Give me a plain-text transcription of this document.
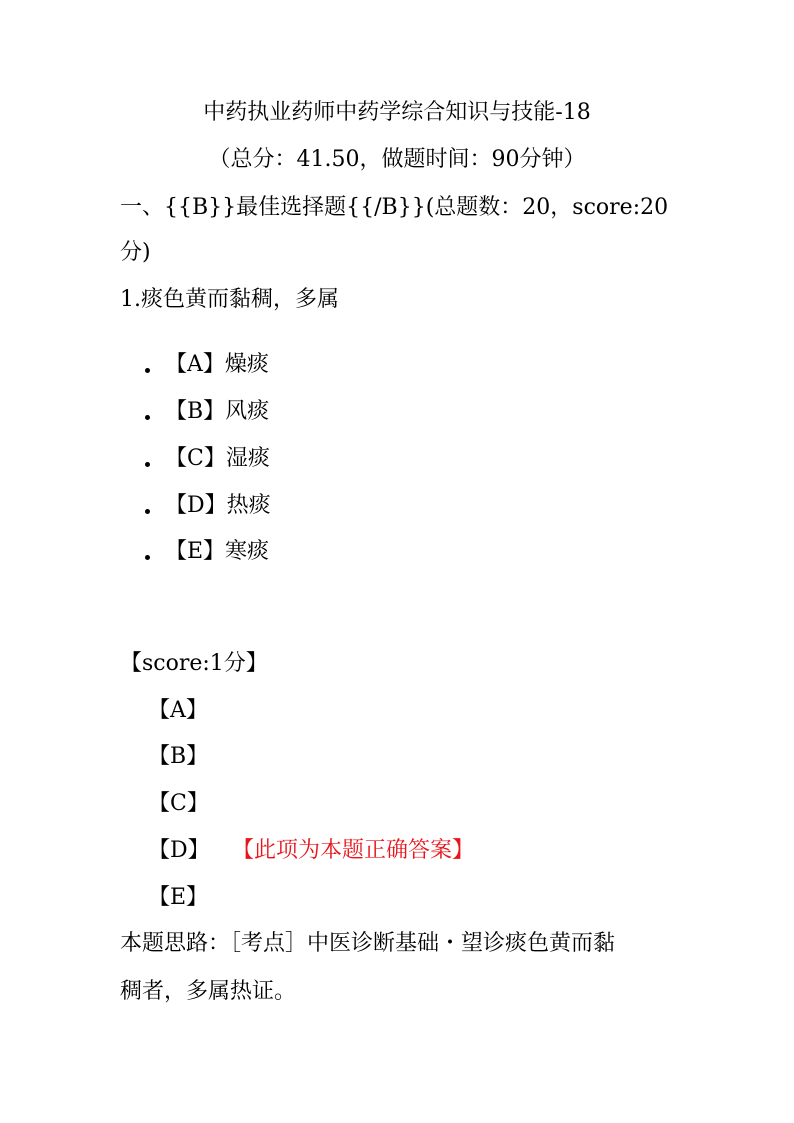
中药执业药师中药学综合知识与技能-18
（总分：41.50，做题时间：90分钟）
一、{{B}}最佳选择题{{/B}}(总题数：20，score:20
分)
1.痰色黄而黏稠，多属
【A】燥痰
【B】风痰
【C】湿痰
【D】热痰
【E】寒痰
【score:1分】
【A】
【B】
【C】
【D】 【此项为本题正确答案】
【E】
本题思路：［考点］中医诊断基础・望诊痰色黄而黏
稠者，多属热证。
